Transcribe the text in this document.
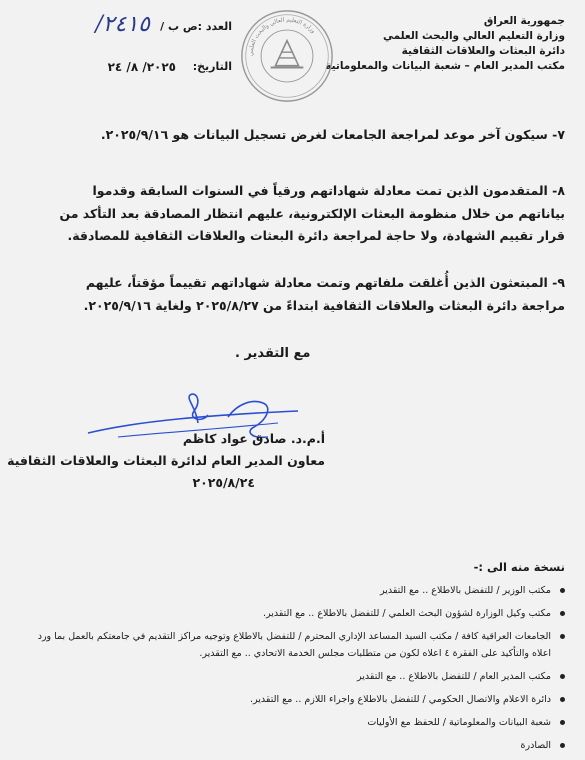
جمهورية العراق
وزارة التعليم العالي والبحث العلمي
دائرة البعثات والعلاقات الثقافية
مكتب المدير العام – شعبة البيانات والمعلوماتية
وزارة التعليم العالي والبحث العلمي
العدد :ص ب /
٢٤١٥/
التاريخ:
٢٠٢٥/ ٨/ ٢٤
٧- سيكون آخر موعد لمراجعة الجامعات لغرض تسجيل البيانات هو ٢٠٢٥/٩/١٦.
٨- المتقدمون الذين تمت معادلة شهاداتهم ورقياً في السنوات السابقة وقدموا بياناتهم من خلال منظومة البعثات الإلكترونية، عليهم انتظار المصادقة بعد التأكد من قرار تقييم الشهادة، ولا حاجة لمراجعة دائرة البعثات والعلاقات الثقافية للمصادقة.
٩- المبتعثون الذين أُغلقت ملفاتهم وتمت معادلة شهاداتهم تقييماً مؤقتاً، عليهم مراجعة دائرة البعثات والعلاقات الثقافية ابتداءً من ٢٠٢٥/٨/٢٧ ولغاية ٢٠٢٥/٩/١٦.
مع التقدير .
أ.م.د. صادق عواد كاظم
معاون المدير العام لدائرة البعثات والعلاقات الثقافية
٢٠٢٥/٨/٢٤
نسخة منه الى :-
مكتب الوزير / للتفضل بالاطلاع .. مع التقدير
مكتب وكيل الوزارة لشؤون البحث العلمي / للتفضل بالاطلاع .. مع التقدير.
الجامعات العراقية كافة / مكتب السيد المساعد الإداري المحترم / للتفضل بالاطلاع وتوجيه مراكز التقديم في جامعتكم بالعمل بما ورد اعلاه والتأكيد على الفقرة ٤ اعلاه لكون من متطلبات مجلس الخدمة الاتحادي .. مع التقدير.
مكتب المدير العام / للتفضل بالاطلاع .. مع التقدير
دائرة الاعلام والاتصال الحكومي / للتفضل بالاطلاع واجراء اللازم .. مع التقدير.
شعبة البيانات والمعلوماتية / للحفظ مع الأوليات
الصادرة
